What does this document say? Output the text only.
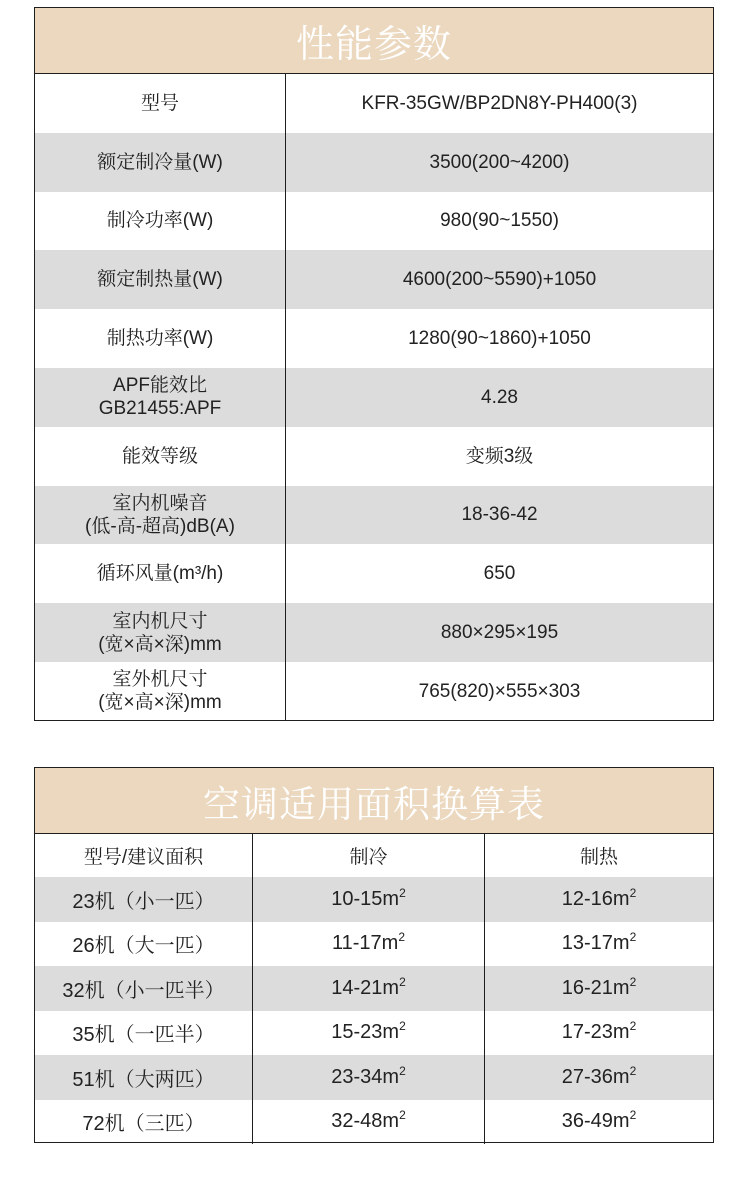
性能参数
型号	KFR-35GW/BP2DN8Y-PH400(3)
额定制冷量(W)	3500(200~4200)
制冷功率(W)	980(90~1550)
额定制热量(W)	4600(200~5590)+1050
制热功率(W)	1280(90~1860)+1050

APF能效比
GB21455:APF	4.28
能效等级	变频3级

室内机噪音
(低-高-超高)dB(A)	18-36-42
循环风量(m³/h)	650

室内机尺寸
(宽×高×深)mm	880×295×195

室外机尺寸
(宽×高×深)mm	765(820)×555×303
空调适用面积换算表
型号/建议面积	制冷	制热
23机（小一匹）	$10-15m^2$	$12-16m^2$
26机（大一匹）	$11-17m^2$	$13-17m^2$
32机（小一匹半）	$14-21m^2$	$16-21m^2$
35机（一匹半）	$15-23m^2$	$17-23m^2$
51机（大两匹）	$23-34m^2$	$27-36m^2$
72机（三匹）	$32-48m^2$	$36-49m^2$
